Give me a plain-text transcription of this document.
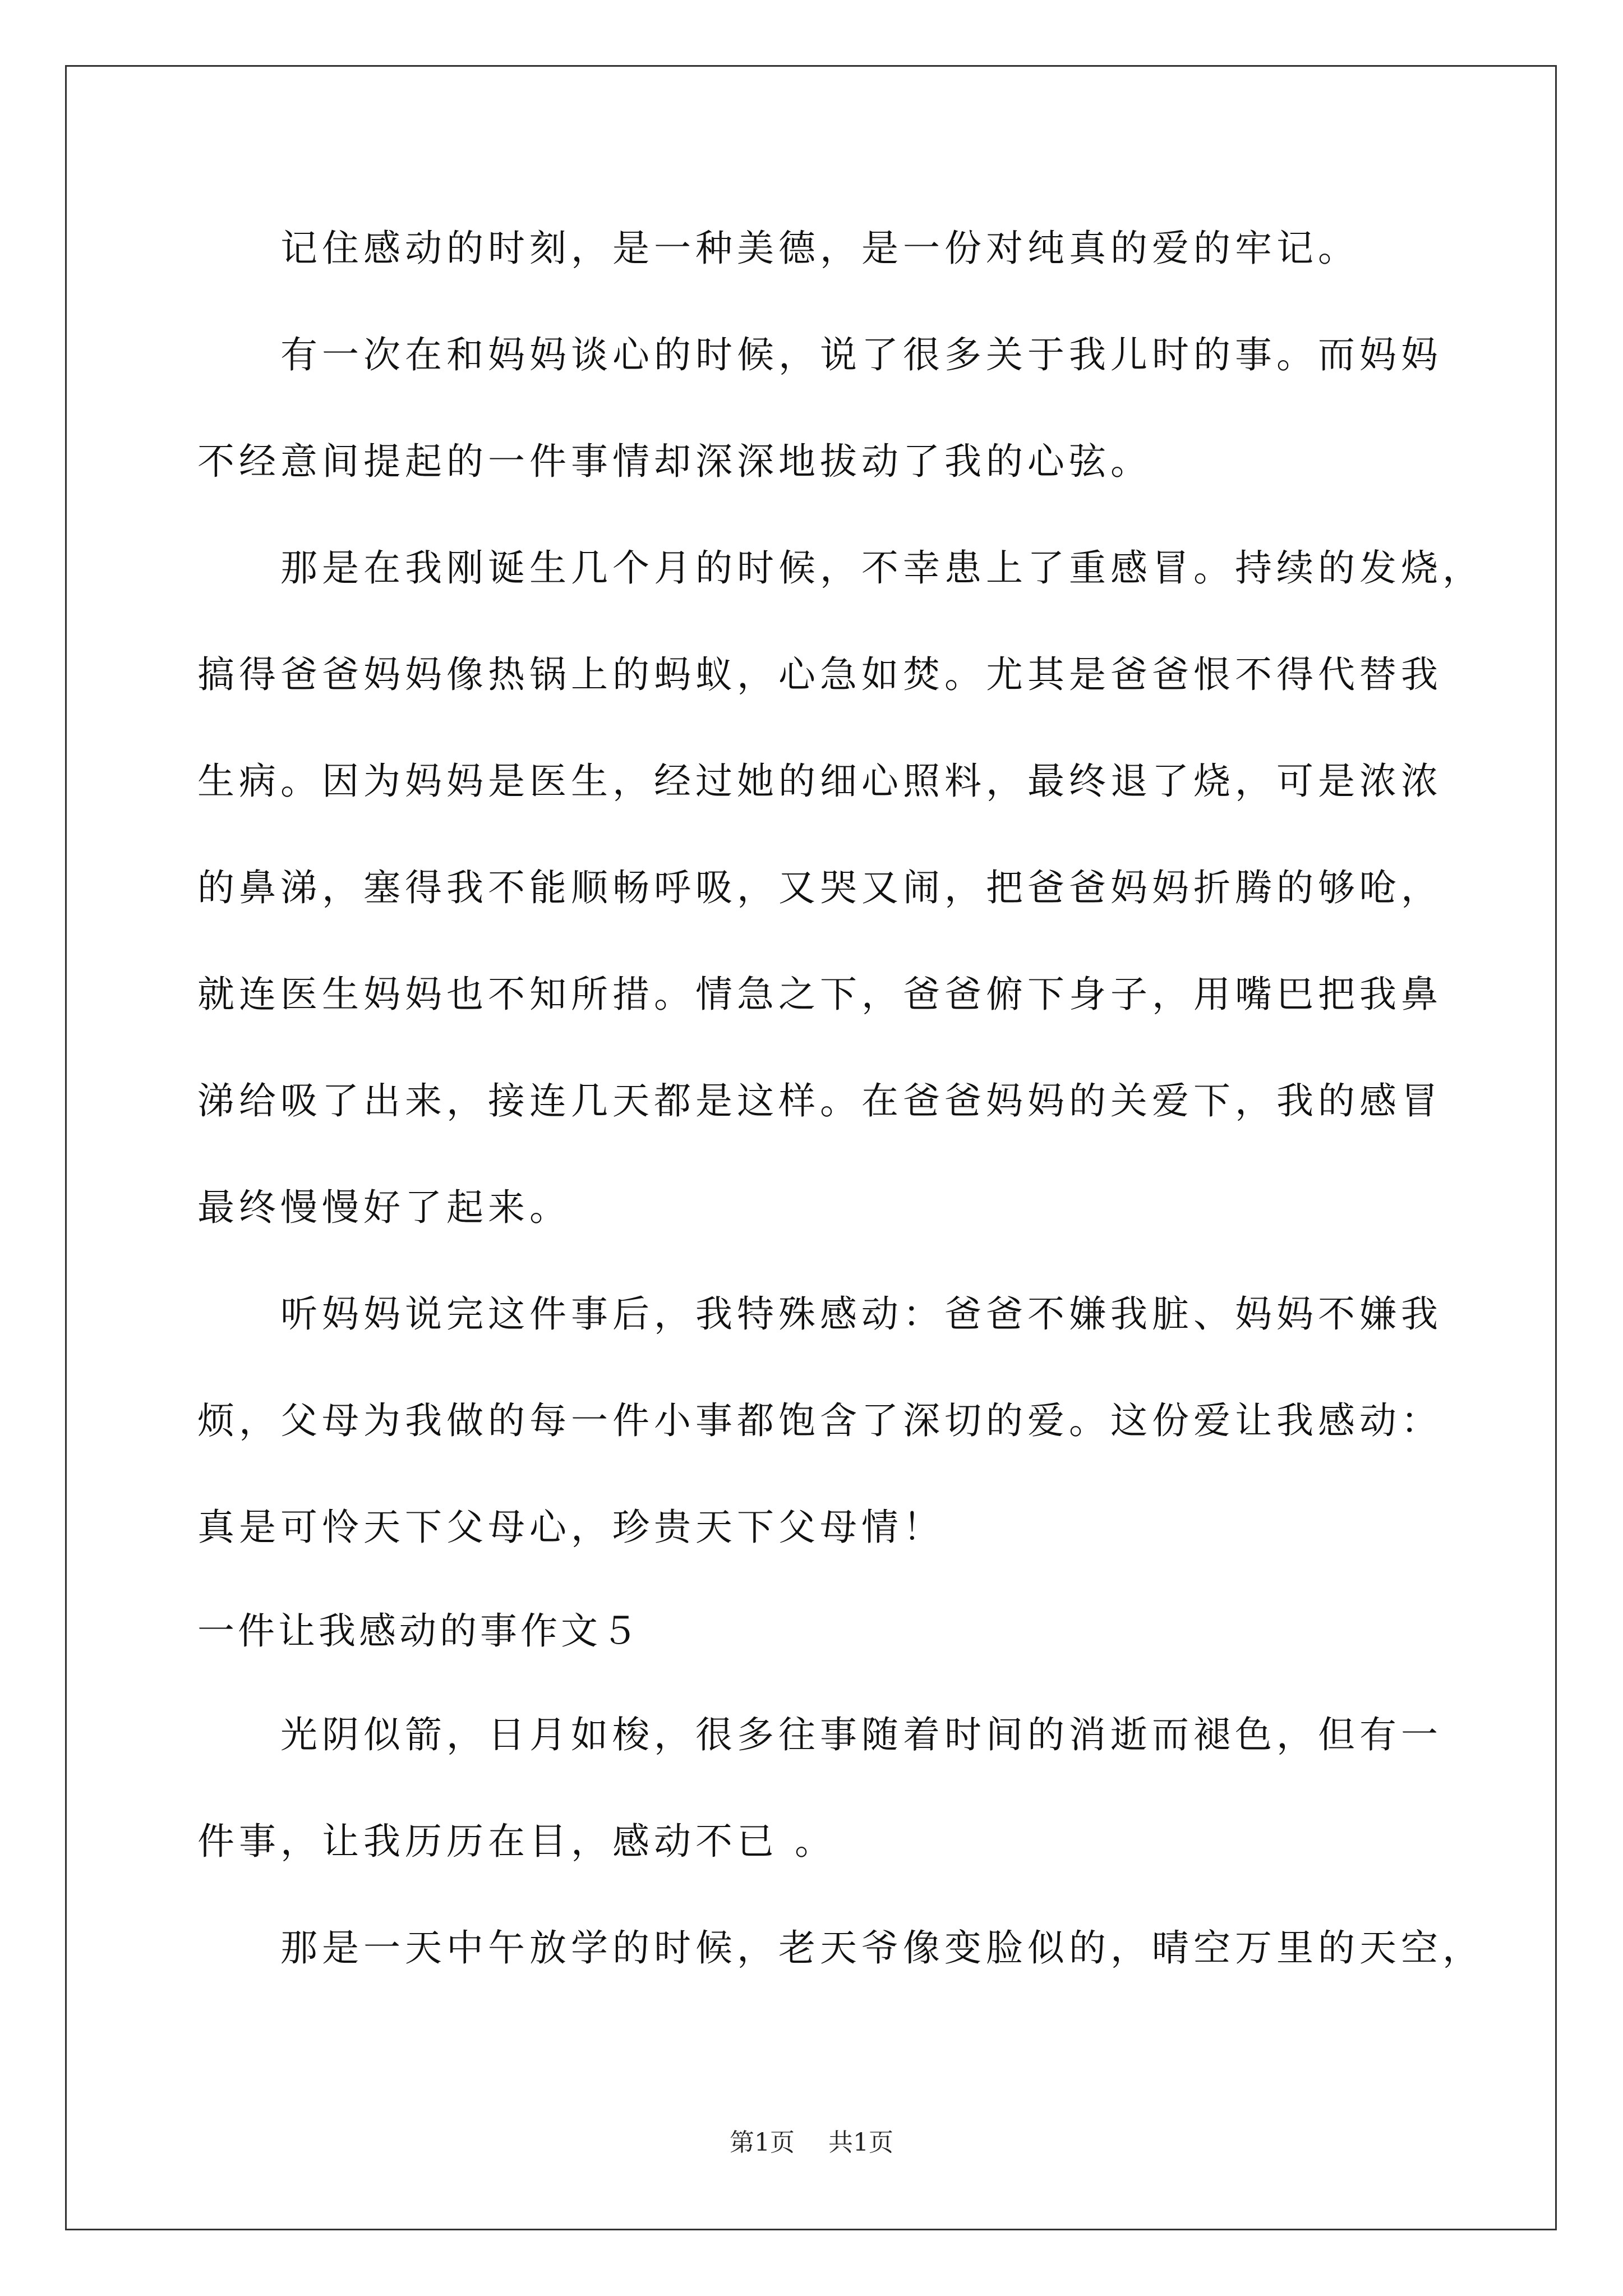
记住感动的时刻，是一种美德，是一份对纯真的爱的牢记。
有一次在和妈妈谈心的时候，说了很多关于我儿时的事。而妈妈
不经意间提起的一件事情却深深地拔动了我的心弦。
那是在我刚诞生几个月的时候，不幸患上了重感冒。持续的发烧，
搞得爸爸妈妈像热锅上的蚂蚁，心急如焚。尤其是爸爸恨不得代替我
生病。因为妈妈是医生，经过她的细心照料，最终退了烧，可是浓浓
的鼻涕，塞得我不能顺畅呼吸，又哭又闹，把爸爸妈妈折腾的够呛，
就连医生妈妈也不知所措。情急之下，爸爸俯下身子，用嘴巴把我鼻
涕给吸了出来，接连几天都是这样。在爸爸妈妈的关爱下，我的感冒
最终慢慢好了起来。
听妈妈说完这件事后，我特殊感动：爸爸不嫌我脏、妈妈不嫌我
烦，父母为我做的每一件小事都饱含了深切的爱。这份爱让我感动：
真是可怜天下父母心，珍贵天下父母情！
一件让我感动的事作文５
光阴似箭，日月如梭，很多往事随着时间的消逝而褪色，但有一
件事，让我历历在目，感动不已 。
那是一天中午放学的时候，老天爷像变脸似的，晴空万里的天空，
第1页 共1页
